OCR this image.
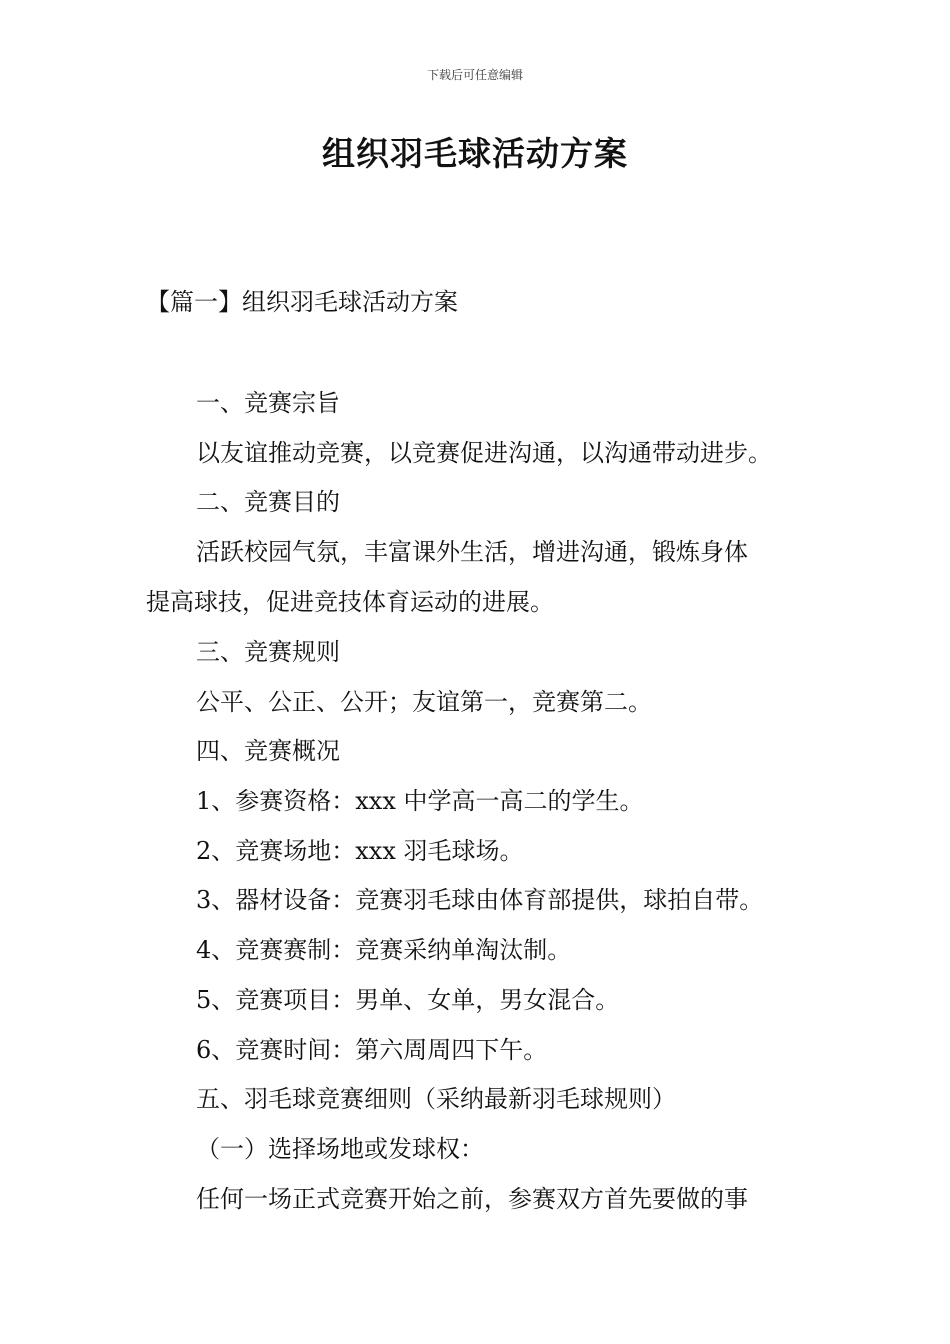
下载后可任意编辑
组织羽毛球活动方案

【篇一】组织羽毛球活动方案

一、竞赛宗旨

以友谊推动竞赛，以竞赛促进沟通，以沟通带动进步。

二、竞赛目的

活跃校园气氛，丰富课外生活，增进沟通，锻炼身体

提高球技，促进竞技体育运动的进展。

三、竞赛规则

公平、公正、公开；友谊第一，竞赛第二。

四、竞赛概况

1、参赛资格：xxx 中学高一高二的学生。

2、竞赛场地：xxx 羽毛球场。

3、器材设备：竞赛羽毛球由体育部提供，球拍自带。

4、竞赛赛制：竞赛采纳单淘汰制。

5、竞赛项目：男单、女单，男女混合。

6、竞赛时间：第六周周四下午。

五、羽毛球竞赛细则（采纳最新羽毛球规则）

（一）选择场地或发球权：

任何一场正式竞赛开始之前，参赛双方首先要做的事
